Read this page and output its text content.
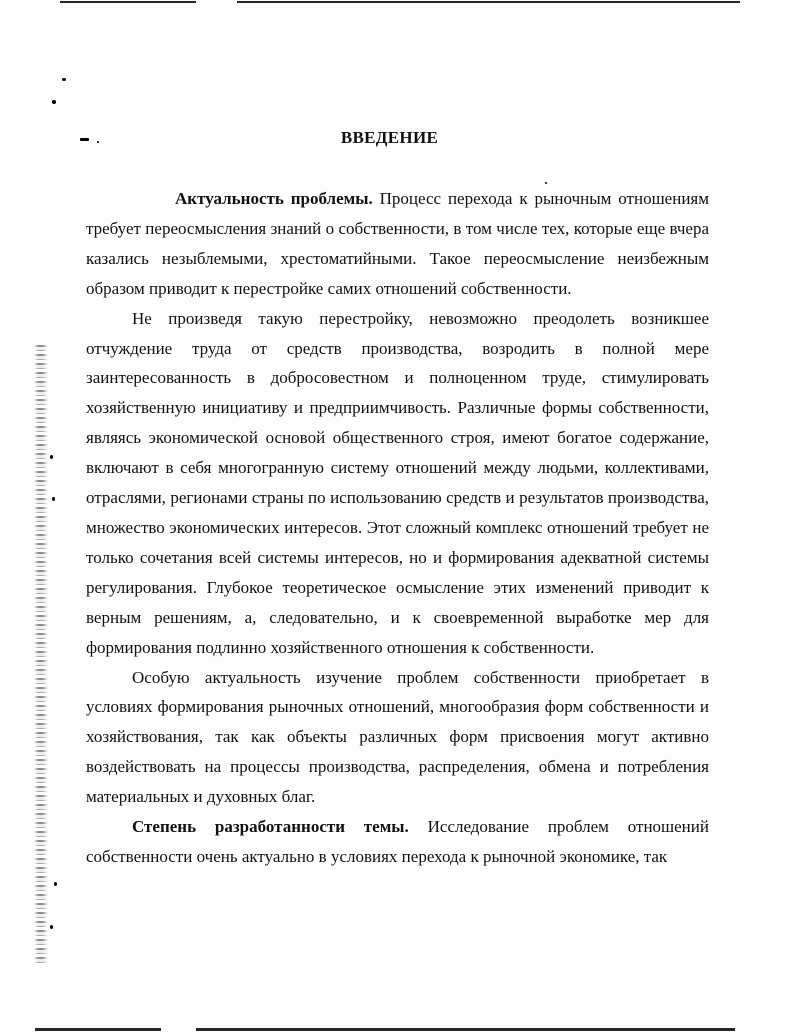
ВВЕДЕНИЕ

Актуальность проблемы. Процесс перехода к рыночным отношениям требует переосмысления знаний о собственности, в том числе тех, которые еще вчера казались незыблемыми, хрестоматийными. Такое переосмысление неизбежным образом приводит к перестройке самих отношений собственности.

Не произведя такую перестройку, невозможно преодолеть возникшее отчуждение труда от средств производства, возродить в полной мере заинтересованность в добросовестном и полноценном труде, стимулировать хозяйственную инициативу и предприимчивость. Различные формы собственности, являясь экономической основой общественного строя, имеют богатое содержание, включают в себя многогранную систему отношений между людьми, коллективами, отраслями, регионами страны по использованию средств и результатов производства, множество экономических интересов. Этот сложный комплекс отношений требует не только сочетания всей системы интересов, но и формирования адекватной системы регулирования. Глубокое теоретическое осмысление этих изменений приводит к верным решениям, а, следовательно, и к своевременной выработке мер для формирования подлинно хозяйственного отношения к собственности.

Особую актуальность изучение проблем собственности приобретает в условиях формирования рыночных отношений, многообразия форм собственности и хозяйствования, так как объекты различных форм присвоения могут активно воздействовать на процессы производства, распределения, обмена и потребления материальных и духовных благ.

Степень разработанности темы. Исследование проблем отношений собственности очень актуально в условиях перехода к рыночной экономике, так
